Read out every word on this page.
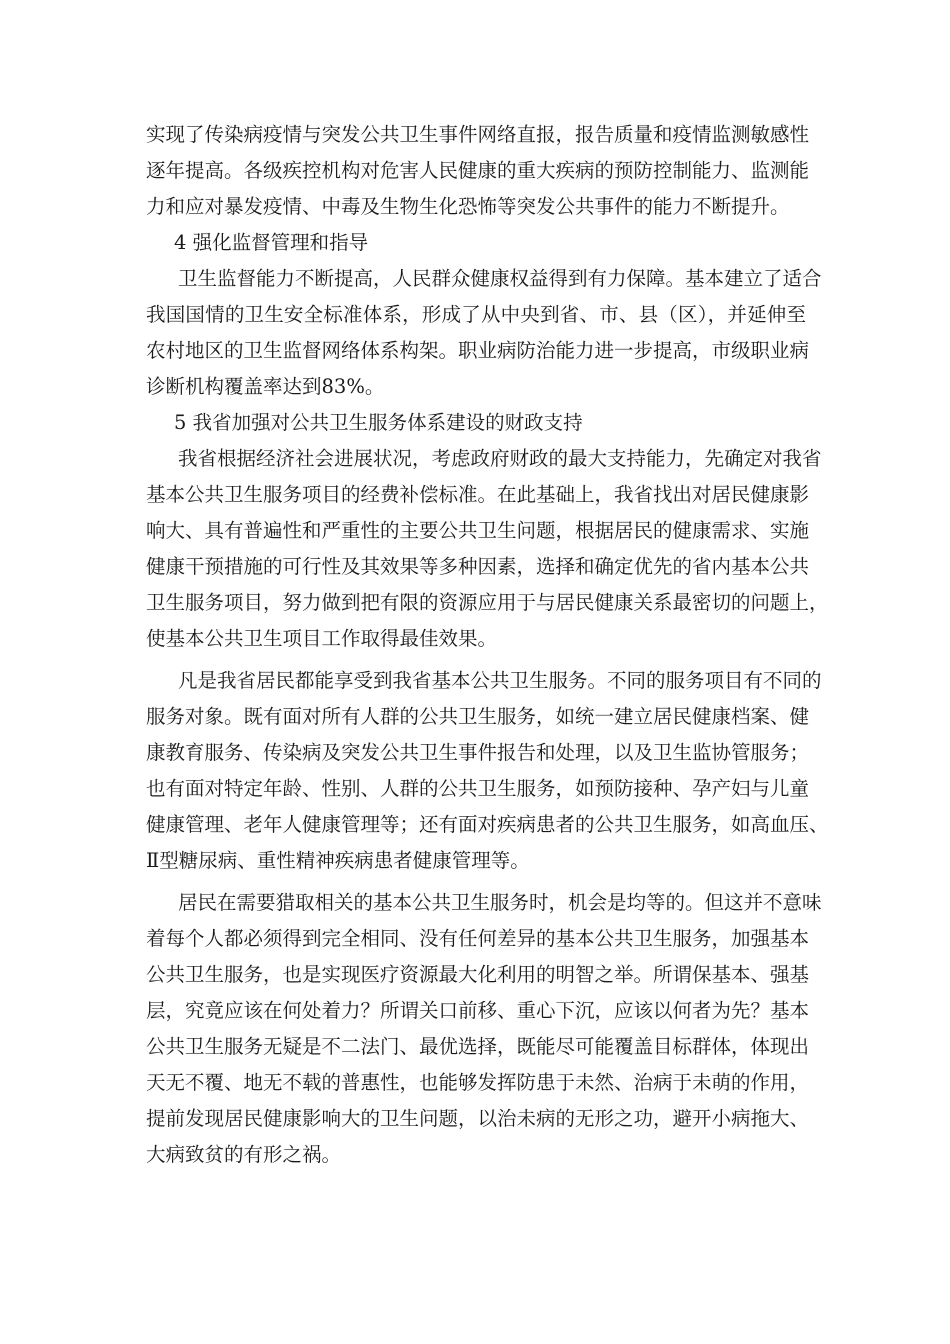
实现了传染病疫情与突发公共卫生事件网络直报，报告质量和疫情监测敏感性
逐年提高。各级疾控机构对危害人民健康的重大疾病的预防控制能力、监测能
力和应对暴发疫情、中毒及生物生化恐怖等突发公共事件的能力不断提升。
4 强化监督管理和指导
卫生监督能力不断提高，人民群众健康权益得到有力保障。基本建立了适合
我国国情的卫生安全标准体系，形成了从中央到省、市、县（区），并延伸至
农村地区的卫生监督网络体系构架。职业病防治能力进一步提高，市级职业病
诊断机构覆盖率达到83%。
5 我省加强对公共卫生服务体系建设的财政支持
我省根据经济社会进展状况，考虑政府财政的最大支持能力，先确定对我省
基本公共卫生服务项目的经费补偿标准。在此基础上，我省找出对居民健康影
响大、具有普遍性和严重性的主要公共卫生问题，根据居民的健康需求、实施
健康干预措施的可行性及其效果等多种因素，选择和确定优先的省内基本公共
卫生服务项目，努力做到把有限的资源应用于与居民健康关系最密切的问题上，
使基本公共卫生项目工作取得最佳效果。
凡是我省居民都能享受到我省基本公共卫生服务。不同的服务项目有不同的
服务对象。既有面对所有人群的公共卫生服务，如统一建立居民健康档案、健
康教育服务、传染病及突发公共卫生事件报告和处理，以及卫生监协管服务；
也有面对特定年龄、性别、人群的公共卫生服务，如预防接种、孕产妇与儿童
健康管理、老年人健康管理等；还有面对疾病患者的公共卫生服务，如高血压、
Ⅱ型糖尿病、重性精神疾病患者健康管理等。
居民在需要猎取相关的基本公共卫生服务时，机会是均等的。但这并不意味
着每个人都必须得到完全相同、没有任何差异的基本公共卫生服务，加强基本
公共卫生服务，也是实现医疗资源最大化利用的明智之举。所谓保基本、强基
层，究竟应该在何处着力？所谓关口前移、重心下沉，应该以何者为先？基本
公共卫生服务无疑是不二法门、最优选择，既能尽可能覆盖目标群体，体现出
天无不覆、地无不载的普惠性，也能够发挥防患于未然、治病于未萌的作用，
提前发现居民健康影响大的卫生问题，以治未病的无形之功，避开小病拖大、
大病致贫的有形之祸。
